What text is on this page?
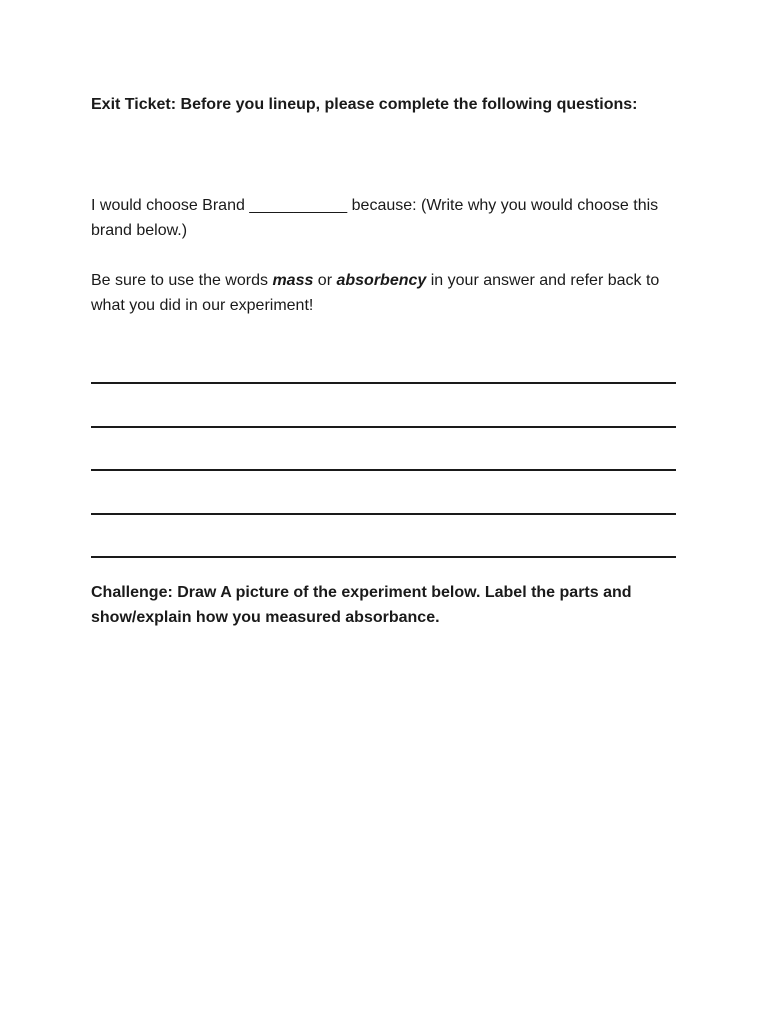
Exit Ticket: Before you lineup, please complete the following questions:
I would choose Brand ___________ because: (Write why you would choose this brand below.)
Be sure to use the words mass or absorbency in your answer and refer back to what you did in our experiment!
Challenge: Draw A picture of the experiment below. Label the parts and show/explain how you measured absorbance.
